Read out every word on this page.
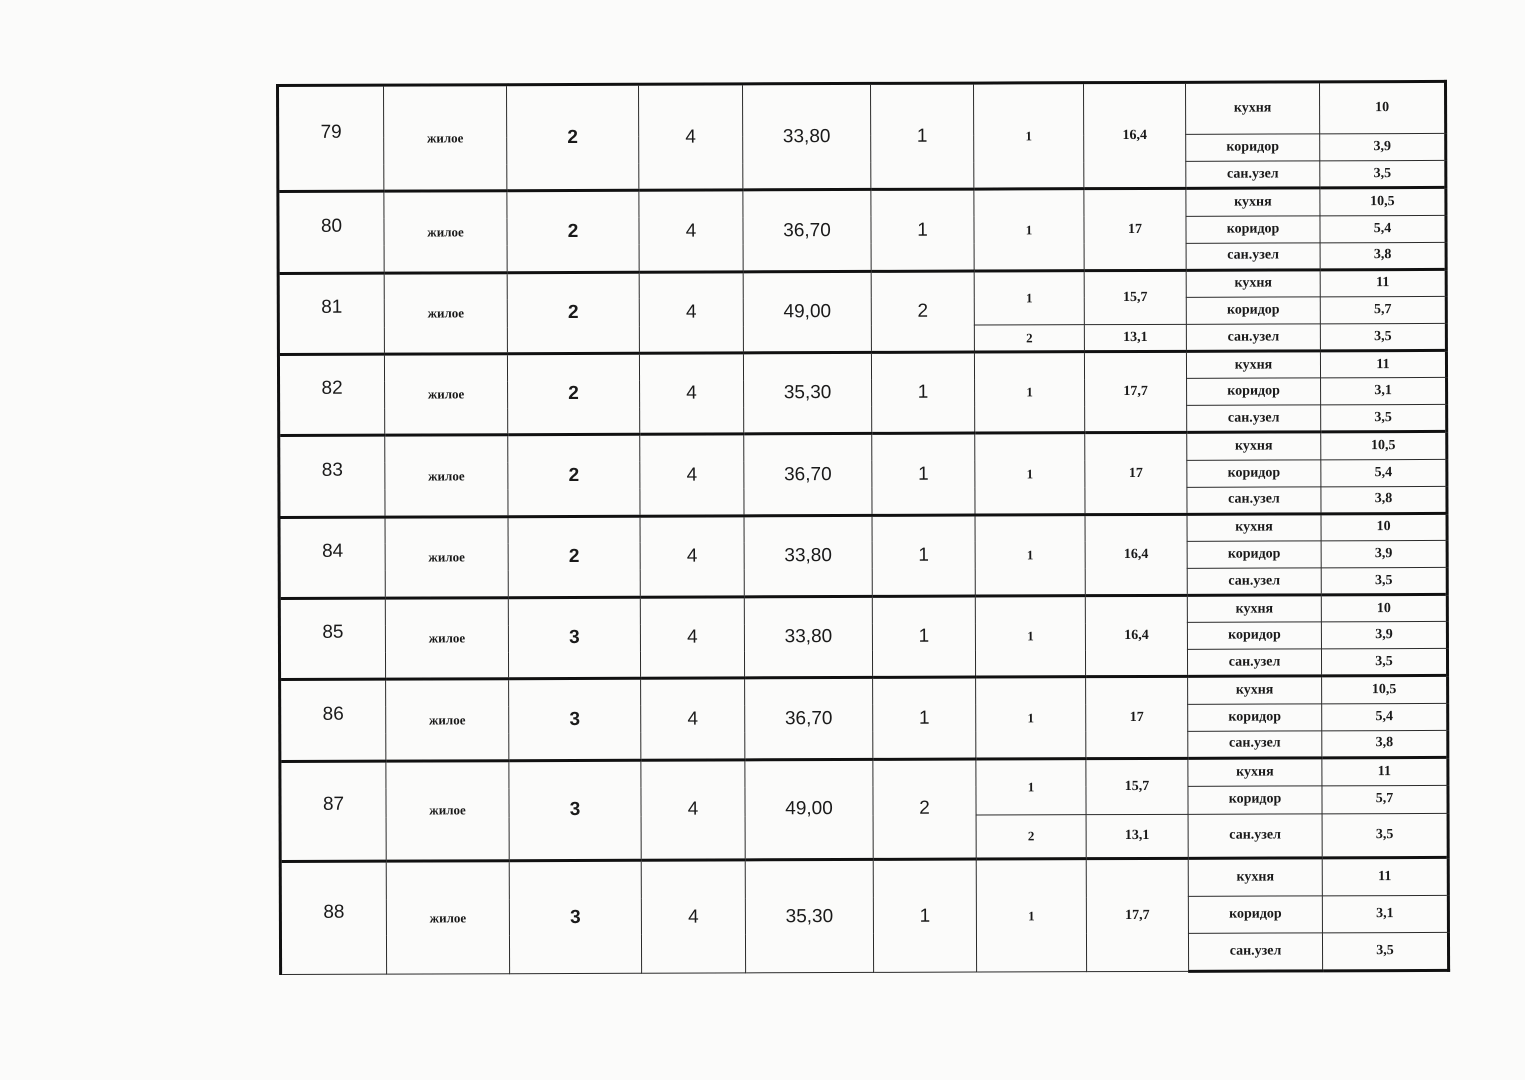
79	жилое	2	4	33,80	1	1	16,4	кухня	10
								коридор	3,9
								сан.узел	3,5
80	жилое	2	4	36,70	1	1	17	кухня	10,5
								коридор	5,4
								сан.узел	3,8
81	жилое	2	4	49,00	2	1	15,7	кухня	11
								коридор	5,7
						2	13,1	сан.узел	3,5
82	жилое	2	4	35,30	1	1	17,7	кухня	11
								коридор	3,1
								сан.узел	3,5
83	жилое	2	4	36,70	1	1	17	кухня	10,5
								коридор	5,4
								сан.узел	3,8
84	жилое	2	4	33,80	1	1	16,4	кухня	10
								коридор	3,9
								сан.узел	3,5
85	жилое	3	4	33,80	1	1	16,4	кухня	10
								коридор	3,9
								сан.узел	3,5
86	жилое	3	4	36,70	1	1	17	кухня	10,5
								коридор	5,4
								сан.узел	3,8
87	жилое	3	4	49,00	2	1	15,7	кухня	11
								коридор	5,7
						2	13,1	сан.узел	3,5
88	жилое	3	4	35,30	1	1	17,7	кухня	11
								коридор	3,1
								сан.узел	3,5
